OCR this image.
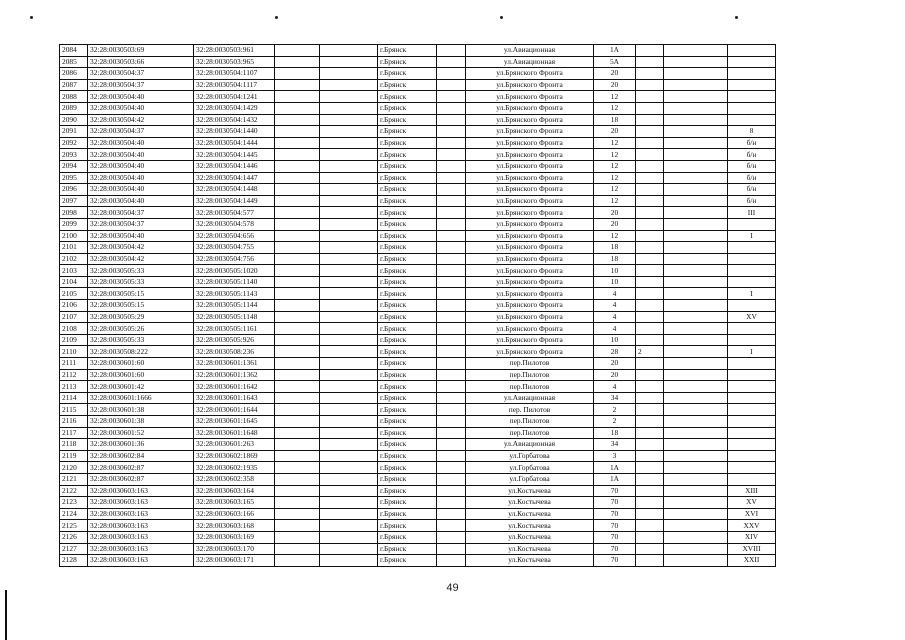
2084	32:28:0030503:69	32:28:0030503:961			г.Брянск		ул.Авиационная	1А			
2085	32:28:0030503:66	32:28:0030503:965			г.Брянск		ул.Авиационная	5А			
2086	32:28:0030504:37	32:28:0030504:1107			г.Брянск		ул.Брянского Фронта	20			
2087	32:28:0030504:37	32:28:0030504:1117			г.Брянск		ул.Брянского Фронта	20			
2088	32:28:0030504:40	32:28:0030504:1241			г.Брянск		ул.Брянского Фронта	12			
2089	32:28:0030504:40	32:28:0030504:1429			г.Брянск		ул.Брянского Фронта	12			
2090	32:28:0030504:42	32:28:0030504:1432			г.Брянск		ул.Брянского Фронта	18			
2091	32:28:0030504:37	32:28:0030504:1440			г.Брянск		ул.Брянского Фронта	20			8
2092	32:28:0030504:40	32:28:0030504:1444			г.Брянск		ул.Брянского Фронта	12			б/н
2093	32:28:0030504:40	32:28:0030504:1445			г.Брянск		ул.Брянского Фронта	12			б/н
2094	32:28:0030504:40	32:28:0030504:1446			г.Брянск		ул.Брянского Фронта	12			б/н
2095	32:28:0030504:40	32:28:0030504:1447			г.Брянск		ул.Брянского Фронта	12			б/н
2096	32:28:0030504:40	32:28:0030504:1448			г.Брянск		ул.Брянского Фронта	12			б/н
2097	32:28:0030504:40	32:28:0030504:1449			г.Брянск		ул.Брянского Фронта	12			б/н
2098	32:28:0030504:37	32:28:0030504:577			г.Брянск		ул.Брянского Фронта	20			III
2099	32:28:0030504:37	32:28:0030504:578			г.Брянск		ул.Брянского Фронта	20			
2100	32:28:0030504:40	32:28:0030504:656			г.Брянск		ул.Брянского Фронта	12			I
2101	32:28:0030504:42	32:28:0030504:755			г.Брянск		ул.Брянского Фронта	18			
2102	32:28:0030504:42	32:28:0030504:756			г.Брянск		ул.Брянского Фронта	18			
2103	32:28:0030505:33	32:28:0030505:1020			г.Брянск		ул.Брянского Фронта	10			
2104	32:28:0030505:33	32:28:0030505:1140			г.Брянск		ул.Брянского Фронта	10			
2105	32:28:0030505:15	32:28:0030505:1143			г.Брянск		ул.Брянского Фронта	4			I
2106	32:28:0030505:15	32:28:0030505:1144			г.Брянск		ул.Брянского Фронта	4			
2107	32:28:0030505:29	32:28:0030505:1148			г.Брянск		ул.Брянского Фронта	4			XV
2108	32:28:0030505:26	32:28:0030505:1161			г.Брянск		ул.Брянского Фронта	4			
2109	32:28:0030505:33	32:28:0030505:926			г.Брянск		ул.Брянского Фронта	10			
2110	32:28:0030508:222	32:28:0030508:236			г.Брянск		ул.Брянского Фронта	28	2		I
2111	32:28:0030601:60	32:28:0030601:1361			г.Брянск		пер.Пилотов	20			
2112	32:28:0030601:60	32:28:0030601:1362			г.Брянск		пер.Пилотов	20			
2113	32:28:0030601:42	32:28:0030601:1642			г.Брянск		пер.Пилотов	4			
2114	32:28:0030601:1666	32:28:0030601:1643			г.Брянск		ул.Авиационная	34			
2115	32:28:0030601:38	32:28:0030601:1644			г.Брянск		пер. Пилотов	2			
2116	32:28:0030601:38	32:28:0030601:1645			г.Брянск		пер.Пилотов	2			
2117	32:28:0030601:52	32:28:0030601:1648			г.Брянск		пер.Пилотов	18			
2118	32:28:0030601:36	32:28:0030601:263			г.Брянск		ул.Авиационная	34			
2119	32:28:0030602:84	32:28:0030602:1869			г.Брянск		ул.Горбатова	3			
2120	32:28:0030602:87	32:28:0030602:1935			г.Брянск		ул.Горбатова	1А			
2121	32:28:0030602:87	32:28:0030602:358			г.Брянск		ул.Горбатова	1А			
2122	32:28:0030603:163	32:28:0030603:164			г.Брянск		ул.Костычева	70			XIII
2123	32:28:0030603:163	32:28:0030603:165			г.Брянск		ул.Костычева	70			XV
2124	32:28:0030603:163	32:28:0030603:166			г.Брянск		ул.Костычева	70			XVI
2125	32:28:0030603:163	32:28:0030603:168			г.Брянск		ул.Костычева	70			XXV
2126	32:28:0030603:163	32:28:0030603:169			г.Брянск		ул.Костычева	70			XIV
2127	32:28:0030603:163	32:28:0030603:170			г.Брянск		ул.Костычева	70			XVIII
2128	32:28:0030603:163	32:28:0030603:171			г.Брянск		ул.Костычева	70			XXII
49
